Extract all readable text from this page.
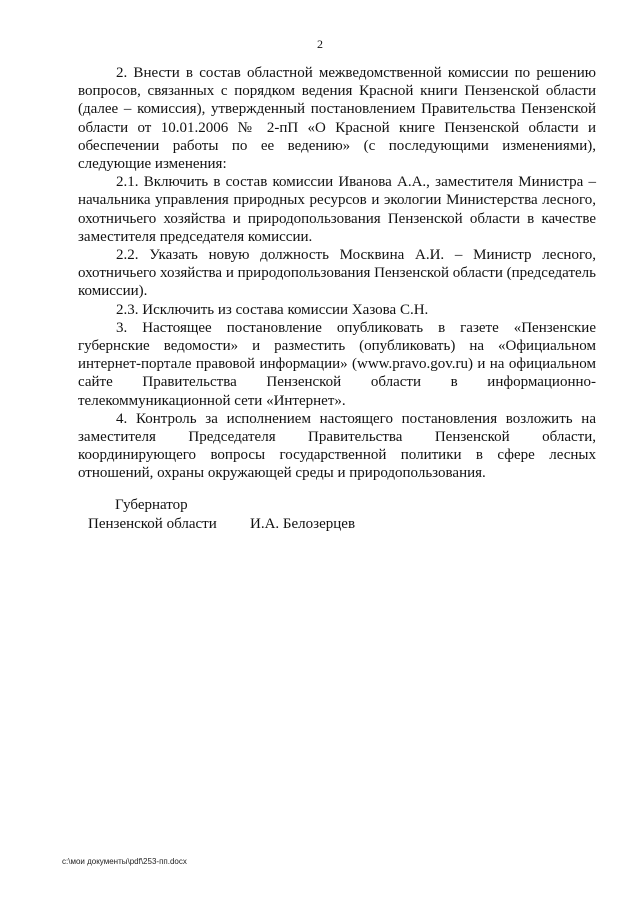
2

2. Внести в состав областной межведомственной комиссии по решению вопросов, связанных с порядком ведения Красной книги Пензенской области (далее – комиссия), утвержденный постановлением Правительства Пензенской области от 10.01.2006 № 2-пП «О Красной книге Пензенской области и обеспечении работы по ее ведению» (с последующими изменениями), следующие изменения:

2.1. Включить в состав комиссии Иванова А.А., заместителя Министра – начальника управления природных ресурсов и экологии Министерства лесного, охотничьего хозяйства и природопользования Пензенской области в качестве заместителя председателя комиссии.

2.2. Указать новую должность Москвина А.И. – Министр лесного, охотничьего хозяйства и природопользования Пензенской области (председатель комиссии).

2.3. Исключить из состава комиссии Хазова С.Н.

3. Настоящее постановление опубликовать в газете «Пензенские губернские ведомости» и разместить (опубликовать) на «Официальном интернет-портале правовой информации» (www.pravo.gov.ru) и на официальном сайте Правительства Пензенской области в информационно-телекоммуникационной сети «Интернет».

4. Контроль за исполнением настоящего постановления возложить на заместителя Председателя Правительства Пензенской области, координирующего вопросы государственной политики в сфере лесных отношений, охраны окружающей среды и природопользования.

Губернатор
Пензенской области И.А. Белозерцев
c:\мои документы\pdf\253-пп.docx
